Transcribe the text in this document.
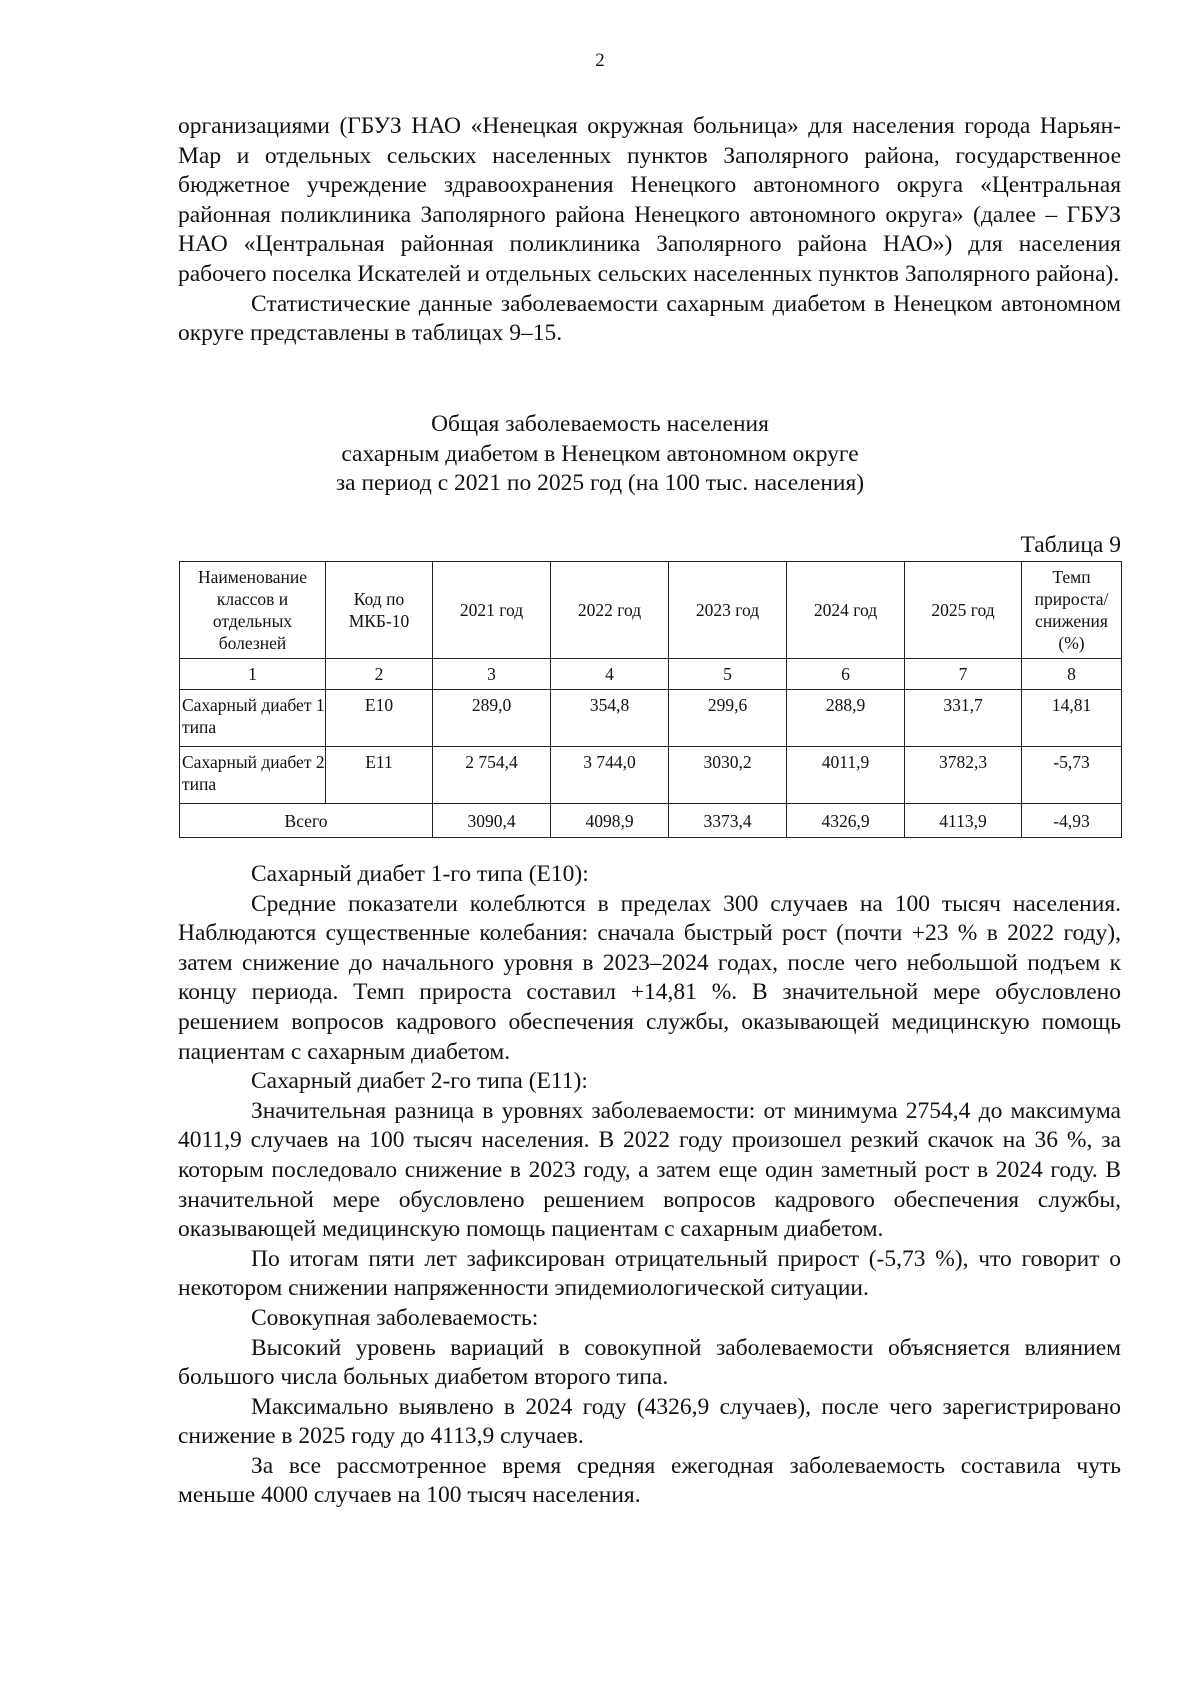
2

организациями (ГБУЗ НАО «Ненецкая окружная больница» для населения города Нарьян-Мар и отдельных сельских населенных пунктов Заполярного района, государственное бюджетное учреждение здравоохранения Ненецкого автономного округа «Центральная районная поликлиника Заполярного района Ненецкого автономного округа» (далее – ГБУЗ НАО «Центральная районная поликлиника Заполярного района НАО») для населения рабочего поселка Искателей и отдельных сельских населенных пунктов Заполярного района).

Статистические данные заболеваемости сахарным диабетом в Ненецком автономном округе представлены в таблицах 9–15.

Общая заболеваемость населения
сахарным диабетом в Ненецком автономном округе
за период с 2021 по 2025 год (на 100 тыс. населения)
Таблица 9
Наименование классов и отдельных болезней	Код по МКБ-10	2021 год	2022 год	2023 год	2024 год	2025 год	Темп прироста/ снижения (%)
1	2	3	4	5	6	7	8
Сахарный диабет 1 типа	E10	289,0	354,8	299,6	288,9	331,7	14,81
Сахарный диабет 2 типа	E11	2 754,4	3 744,0	3030,2	4011,9	3782,3	-5,73
Всего		3090,4	4098,9	3373,4	4326,9	4113,9	-4,93

Сахарный диабет 1-го типа (E10):

Средние показатели колеблются в пределах 300 случаев на 100 тысяч населения. Наблюдаются существенные колебания: сначала быстрый рост (почти +23 % в 2022 году), затем снижение до начального уровня в 2023–2024 годах, после чего небольшой подъем к концу периода. Темп прироста составил +14,81 %. В значительной мере обусловлено решением вопросов кадрового обеспечения службы, оказывающей медицинскую помощь пациентам с сахарным диабетом.

Сахарный диабет 2-го типа (E11):

Значительная разница в уровнях заболеваемости: от минимума 2754,4 до максимума 4011,9 случаев на 100 тысяч населения. В 2022 году произошел резкий скачок на 36 %, за которым последовало снижение в 2023 году, а затем еще один заметный рост в 2024 году. В значительной мере обусловлено решением вопросов кадрового обеспечения службы, оказывающей медицинскую помощь пациентам с сахарным диабетом.

По итогам пяти лет зафиксирован отрицательный прирост (-5,73 %), что говорит о некотором снижении напряженности эпидемиологической ситуации.

Совокупная заболеваемость:

Высокий уровень вариаций в совокупной заболеваемости объясняется влиянием большого числа больных диабетом второго типа.

Максимально выявлено в 2024 году (4326,9 случаев), после чего зарегистрировано снижение в 2025 году до 4113,9 случаев.

За все рассмотренное время средняя ежегодная заболеваемость составила чуть меньше 4000 случаев на 100 тысяч населения.
